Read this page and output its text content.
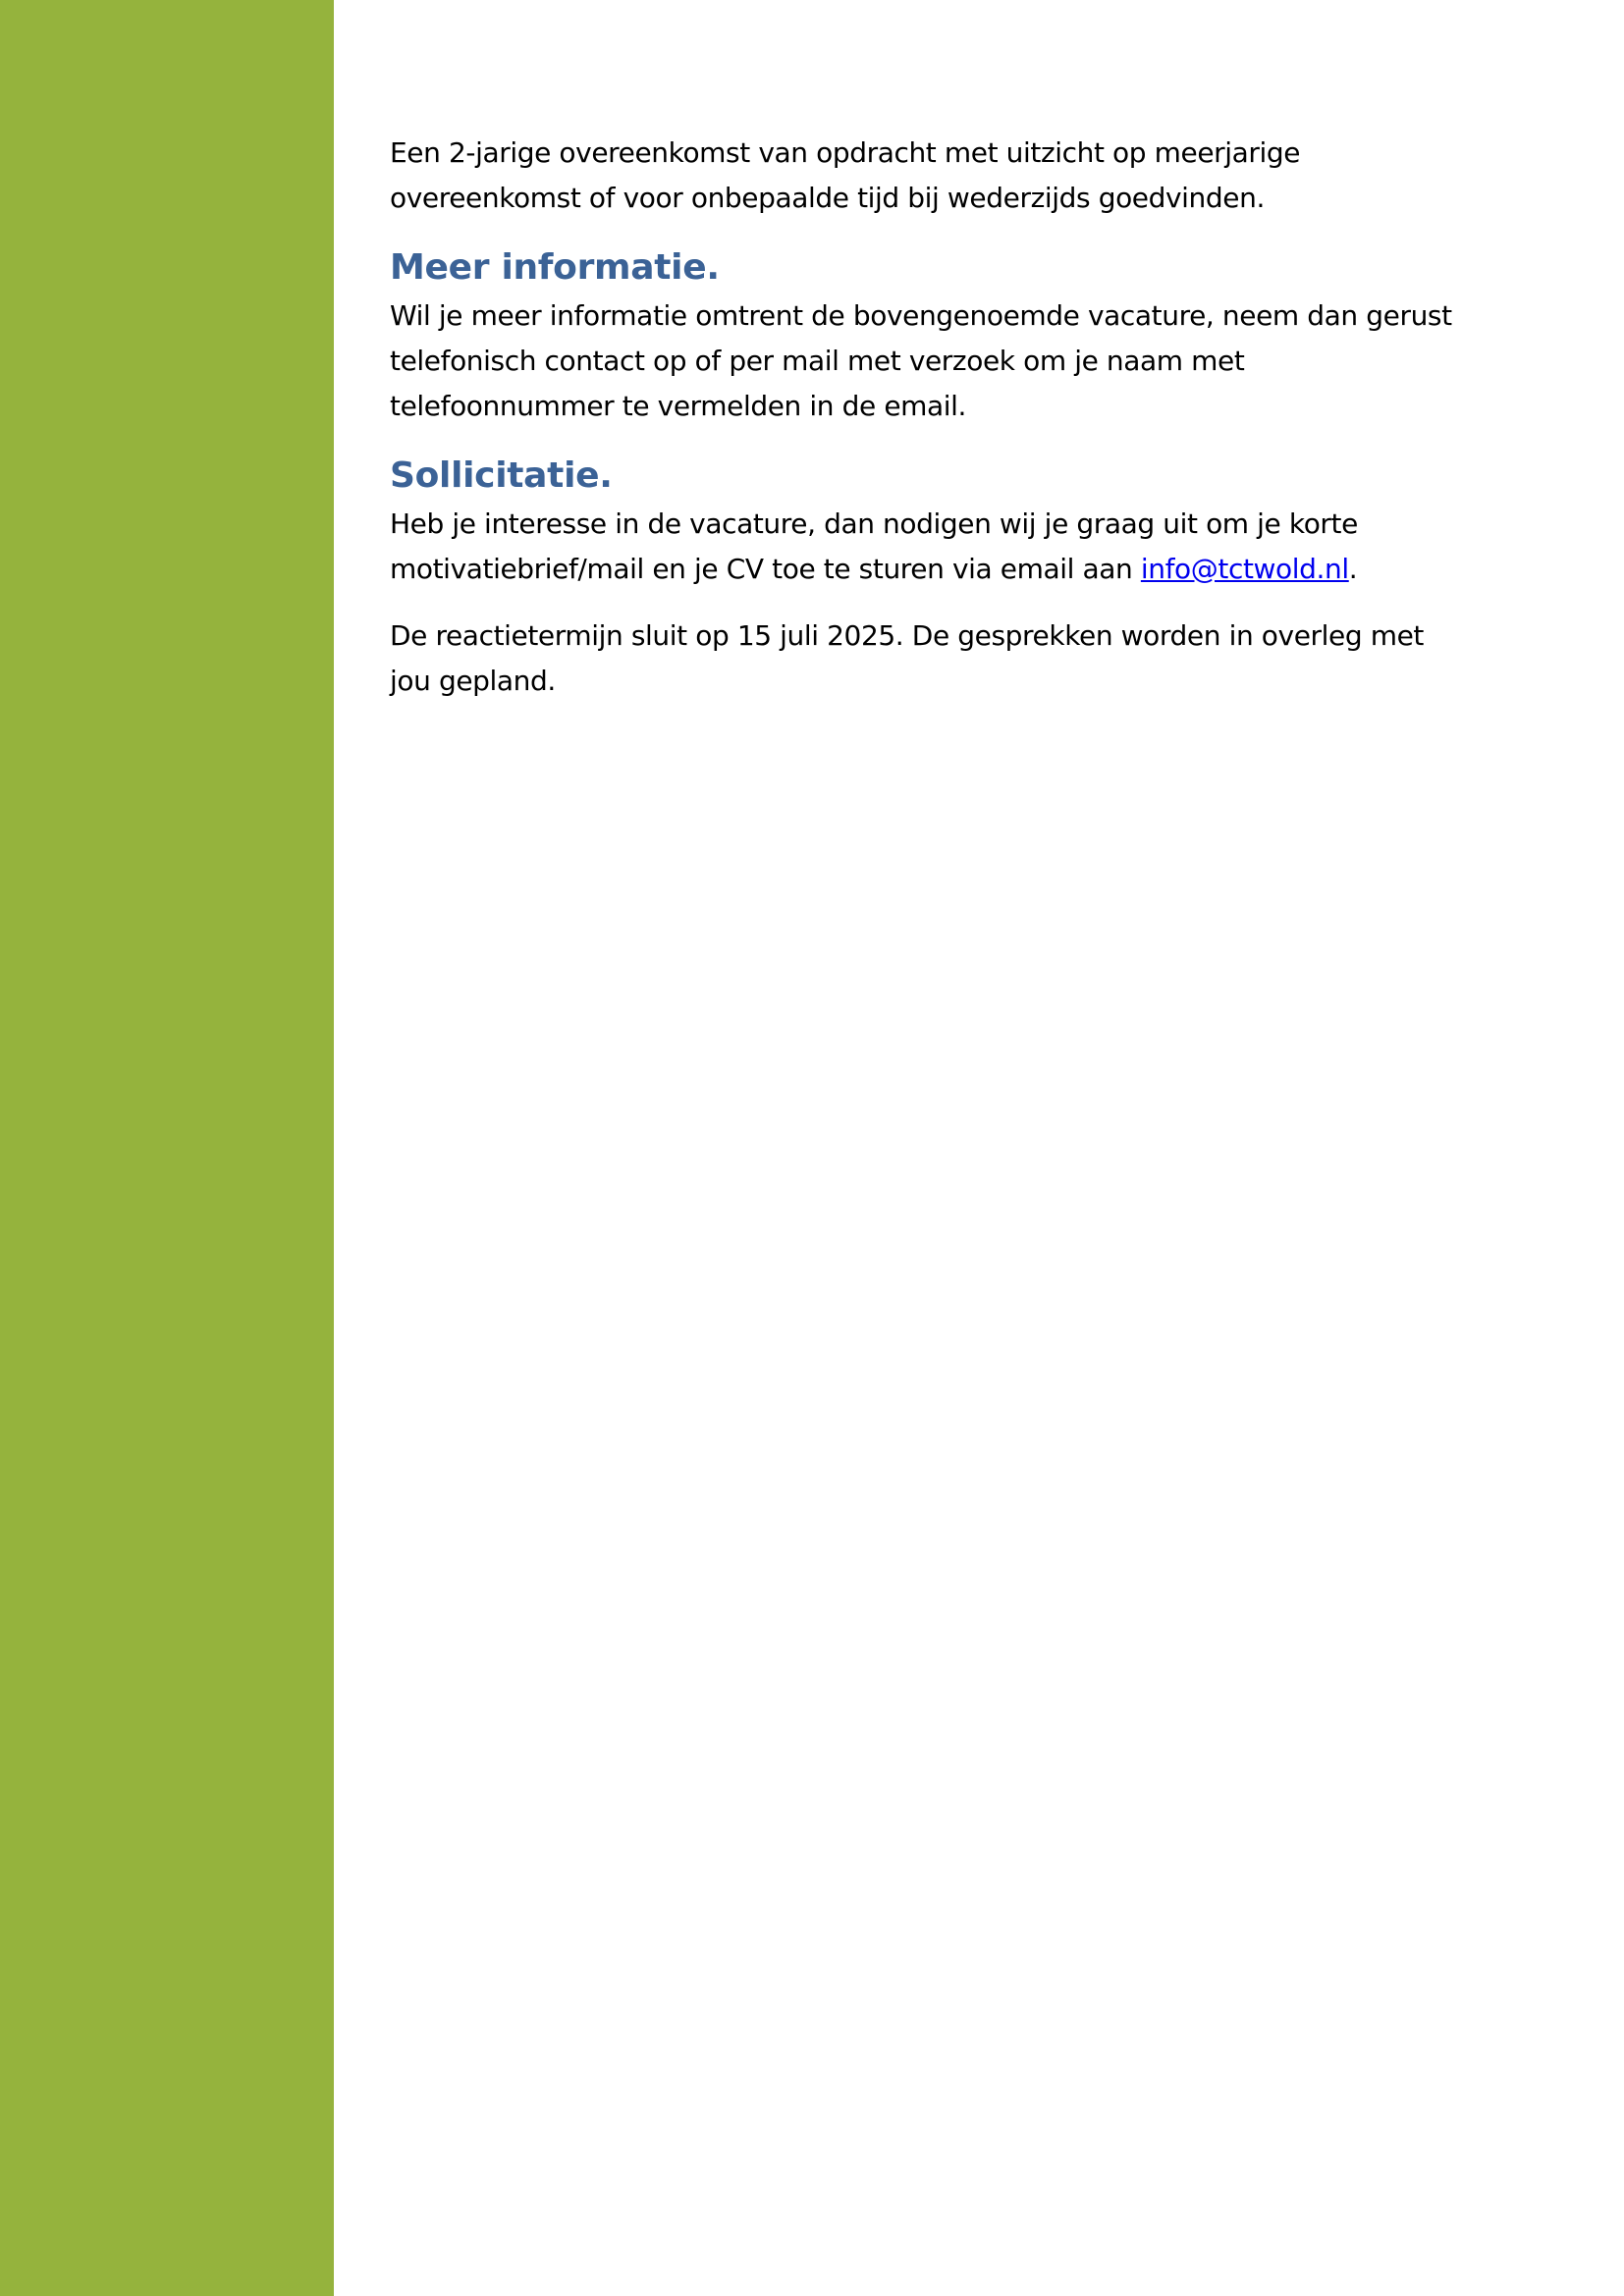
Een 2-jarige overeenkomst van opdracht met uitzicht op meerjarige overeenkomst of voor onbepaalde tijd bij wederzijds goedvinden.

Meer informatie.

Wil je meer informatie omtrent de bovengenoemde vacature, neem dan gerust telefonisch contact op of per mail met verzoek om je naam met telefoonnummer te vermelden in de email.

Sollicitatie.

Heb je interesse in de vacature, dan nodigen wij je graag uit om je korte motivatiebrief/mail en je CV toe te sturen via email aan info@tctwold.nl.

De reactietermijn sluit op 15 juli 2025. De gesprekken worden in overleg met jou gepland.
